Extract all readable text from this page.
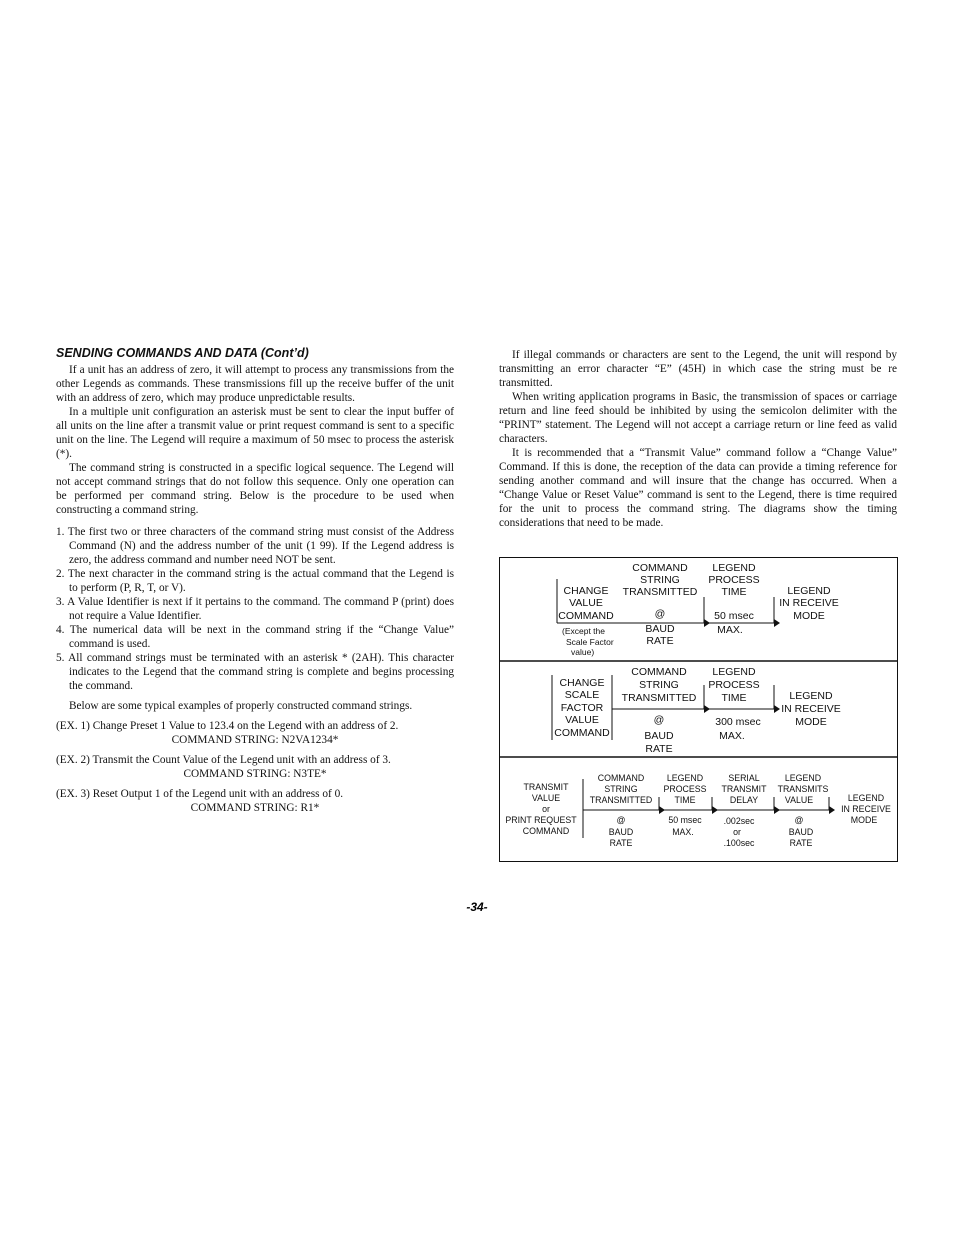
SENDING COMMANDS AND DATA (Cont’d)

If a unit has an address of zero, it will attempt to process any transmissions from the other Legends as commands. These transmissions fill up the receive buffer of the unit with an address of zero, which may produce unpredictable results.

In a multiple unit configuration an asterisk must be sent to clear the input buffer of all units on the line after a transmit value or print request command is sent to a specific unit on the line. The Legend will require a maximum of 50 msec to process the asterisk (*).

The command string is constructed in a specific logical sequence. The Legend will not accept command strings that do not follow this sequence. Only one operation can be performed per command string. Below is the procedure to be used when constructing a command string.

1. The first two or three characters of the command string must consist of the Address Command (N) and the address number of the unit (1 99). If the Legend address is zero, the address command and number need NOT be sent.
2. The next character in the command string is the actual command that the Legend is to perform (P, R, T, or V).
3. A Value Identifier is next if it pertains to the command. The command P (print) does not require a Value Identifier.
4. The numerical data will be next in the command string if the “Change Value” command is used.
5. All command strings must be terminated with an asterisk * (2AH). This character indicates to the Legend that the command string is complete and begins processing the command.

Below are some typical examples of properly constructed command strings.

(EX. 1) Change Preset 1 Value to 123.4 on the Legend with an address of 2.

COMMAND STRING: N2VA1234*

(EX. 2) Transmit the Count Value of the Legend unit with an address of 3.

COMMAND STRING: N3TE*

(EX. 3) Reset Output 1 of the Legend unit with an address of 0.

COMMAND STRING: R1*

If illegal commands or characters are sent to the Legend, the unit will respond by transmitting an error character “E” (45H) in which case the string must be re transmitted.

When writing application programs in Basic, the transmission of spaces or carriage return and line feed should be inhibited by using the semicolon delimiter with the “PRINT” statement. The Legend will not accept a carriage return or line feed as valid characters.

It is recommended that a “Transmit Value” command follow a “Change Value” Command. If this is done, the reception of the data can provide a timing reference for sending another command and will insure that the change has occurred. When a “Change Value or Reset Value” command is sent to the Legend, there is time required for the unit to process the command string. The diagrams show the timing considerations that need to be made.

CHANGE
VALUE
COMMAND
(Except the
Scale Factor
value)
COMMAND
STRING
TRANSMITTED
@
BAUD
RATE
LEGEND
PROCESS
TIME
50 msec
MAX.
LEGEND
IN RECEIVE
MODE
CHANGE
SCALE
FACTOR
VALUE
COMMAND
COMMAND
STRING
TRANSMITTED
@
BAUD
RATE
LEGEND
PROCESS
TIME
300 msec
MAX.
LEGEND
IN RECEIVE
MODE
TRANSMIT
VALUE
or
PRINT REQUEST
COMMAND
COMMAND
STRING
TRANSMITTED
@
BAUD
RATE
LEGEND
PROCESS
TIME
50 msec
MAX.
SERIAL
TRANSMIT
DELAY
.002sec
or
.100sec
LEGEND
TRANSMITS
VALUE
@
BAUD
RATE
LEGEND
IN RECEIVE
MODE
-34-
